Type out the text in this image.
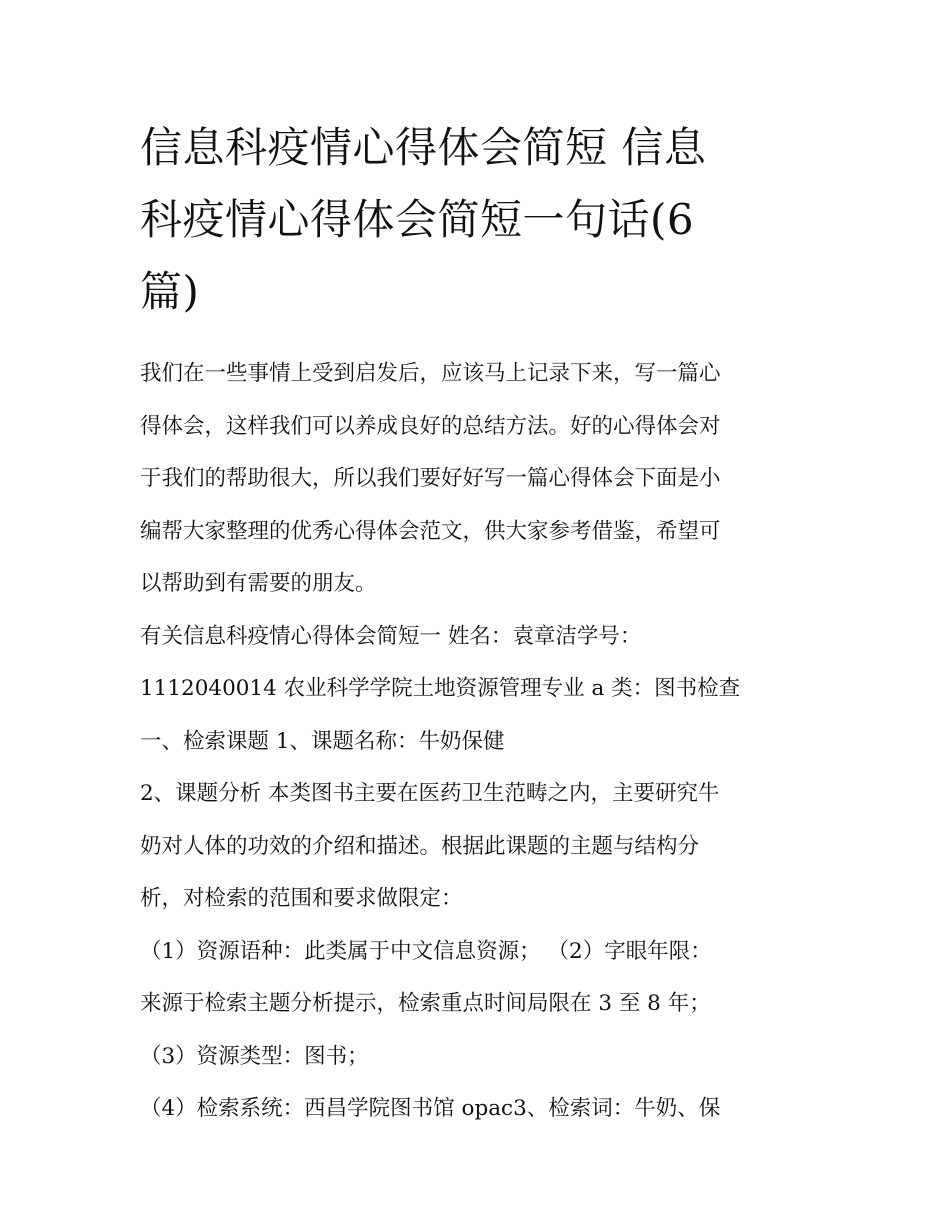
信息科疫情心得体会简短 信息
科疫情心得体会简短一句话(6
篇)
我们在一些事情上受到启发后，应该马上记录下来，写一篇心
得体会，这样我们可以养成良好的总结方法。好的心得体会对
于我们的帮助很大，所以我们要好好写一篇心得体会下面是小
编帮大家整理的优秀心得体会范文，供大家参考借鉴，希望可
以帮助到有需要的朋友。
有关信息科疫情心得体会简短一 姓名：袁章洁学号：
1112040014 农业科学学院土地资源管理专业 a 类：图书检查
一、检索课题 1、课题名称：牛奶保健
2、课题分析 本类图书主要在医药卫生范畴之内，主要研究牛
奶对人体的功效的介绍和描述。根据此课题的主题与结构分
析，对检索的范围和要求做限定：
（1）资源语种：此类属于中文信息资源； （2）字眼年限：
来源于检索主题分析提示，检索重点时间局限在 3 至 8 年；
（3）资源类型：图书；
（4）检索系统：西昌学院图书馆 opac3、检索词：牛奶、保
